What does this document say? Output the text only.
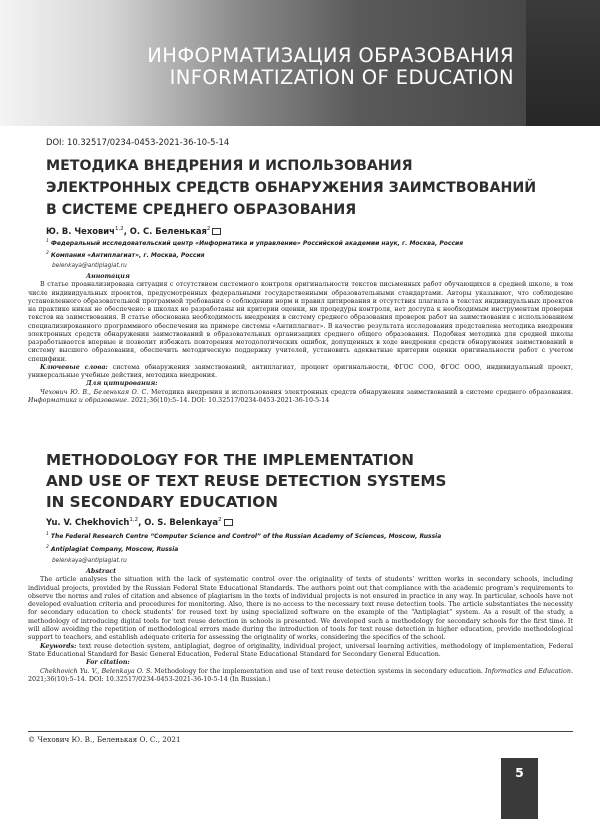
ИНФОРМАТИЗАЦИЯ ОБРАЗОВАНИЯ
INFORMATIZATION OF EDUCATION
DOI: 10.32517/0234-0453-2021-36-10-5-14
МЕТОДИКА ВНЕДРЕНИЯ И ИСПОЛЬЗОВАНИЯ
ЭЛЕКТРОННЫХ СРЕДСТВ ОБНАРУЖЕНИЯ ЗАИМСТВОВАНИЙ
В СИСТЕМЕ СРЕДНЕГО ОБРАЗОВАНИЯ
Ю. В. Чехович$^{1,2}$, О. С. Беленькая$^2$
$^1$ Федеральный исследовательский центр «Информатика и управление» Российской академии наук, г. Москва, Россия
$^2$ Компания «Антиплагиат», г. Москва, Россия
belenkaya@antiplagiat.ru

Аннотация

В статье проанализирована ситуация с отсутствием системного контроля оригинальности текстов письменных работ обучающихся в средней школе, в том числе индивидуальных проектов, предусмотренных федеральными государственными образовательными стандартами. Авторы указывают, что соблюдение установленного образовательной программой требования о соблюдении норм и правил цитирования и отсутствия плагиата в текстах индивидуальных проектов на практике никак не обеспечено: в школах не разработаны ни критерии оценки, ни процедуры контроля, нет доступа к необходимым инструментам проверки текстов на заимствования. В статье обоснована необходимость внедрения в систему среднего образования проверок работ на заимствования с использованием специализированного программного обеспечения на примере системы «Антиплагиат». В качестве результата исследования представлена методика внедрения электронных средств обнаружения заимствований в образовательных организациях среднего общего образования. Подобная методика для средней школы разработывается впервые и позволит избежать повторения методологических ошибок, допущенных в ходе внедрения средств обнаружения заимствований в систему высшего образования, обеспечить методическую поддержку учителей, установить адекватные критерии оценки оригинальности работ с учетом специфики.

Ключевые слова: система обнаружения заимствований, антиплагиат, процент оригинальности, ФГОС СОО, ФГОС ООО, индивидуальный проект, универсальные учебные действия, методика внедрения.

Для цитирования:

Чехович Ю. В., Беленькая О. С. Методика внедрения и использования электронных средств обнаружения заимствований в системе среднего образования. Информатика и образование. 2021;36(10):5–14. DOI: 10.32517/0234-0453-2021-36-10-5-14

METHODOLOGY FOR THE IMPLEMENTATION
AND USE OF TEXT REUSE DETECTION SYSTEMS
IN SECONDARY EDUCATION
Yu. V. Chekhovich$^{1,2}$, O. S. Belenkaya$^2$
$^1$ The Federal Research Centre “Computer Science and Control” of the Russian Academy of Sciences, Moscow, Russia
$^2$ Antiplagiat Company, Moscow, Russia
belenkaya@antiplagiat.ru

Abstract

The article analyses the situation with the lack of systematic control over the originality of texts of students’ written works in secondary schools, including individual projects, provided by the Russian Federal State Educational Standards. The authors point out that compliance with the academic program’s requirements to observe the norms and rules of citation and absence of plagiarism in the texts of individual projects is not ensured in practice in any way. In particular, schools have not developed evaluation criteria and procedures for monitoring. Also, there is no access to the necessary text reuse detection tools. The article substantiates the necessity for secondary education to check students’ for reused text by using specialized software on the example of the “Antiplagiat” system. As a result of the study, a methodology of introducing digital tools for text reuse detection in schools is presented. We developed such a methodology for secondary schools for the first time. It will allow avoiding the repetition of methodological errors made during the introduction of tools for text reuse detection in higher education, provide methodological support to teachers, and establish adequate criteria for assessing the originality of works, considering the specifics of the school.

Keywords: text reuse detection system, antiplagiat, degree of originality, individual project, universal learning activities, methodology of implementation, Federal State Educational Standard for Basic General Education, Federal State Educational Standard for Secondary General Education.

For citation:

Chekhovich Yu. V., Belenkaya O. S. Methodology for the implementation and use of text reuse detection systems in secondary education. Informatics and Education. 2021;36(10):5–14. DOI: 10.32517/0234-0453-2021-36-10-5-14 (In Russian.)

© Чехович Ю. В., Беленькая О. С., 2021
5
